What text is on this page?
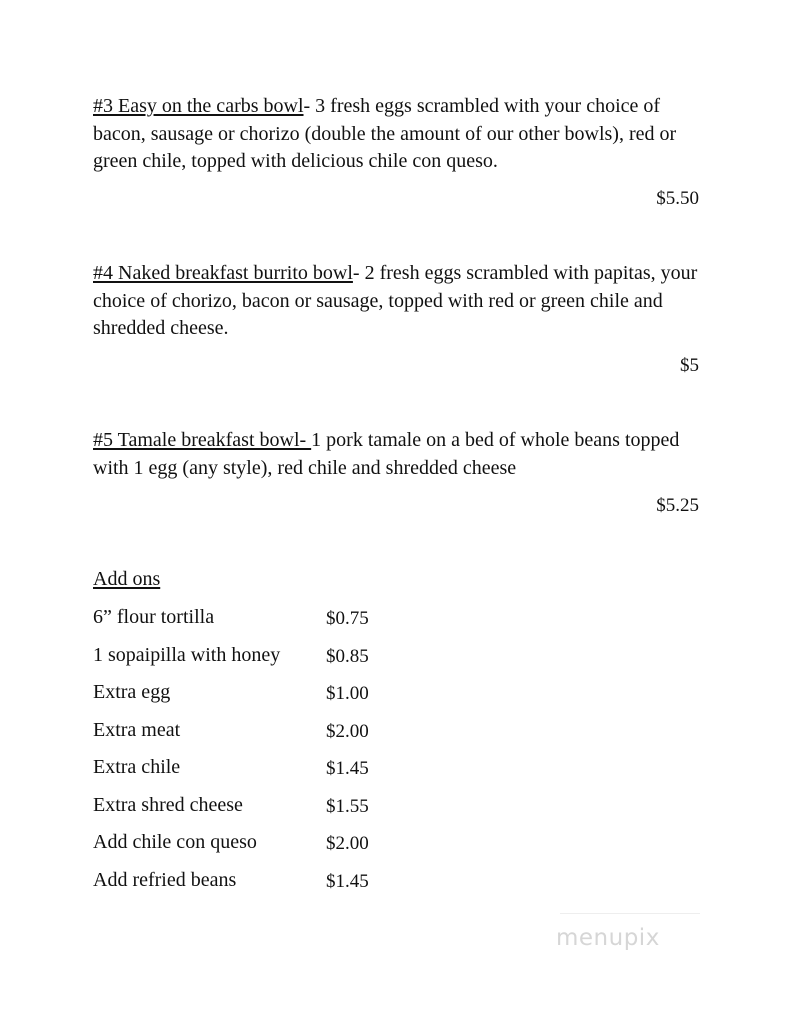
#3 Easy on the carbs bowl- 3 fresh eggs scrambled with your choice of bacon, sausage or chorizo (double the amount of our other bowls), red or green chile, topped with delicious chile con queso.
$5.50
#4 Naked breakfast burrito bowl- 2 fresh eggs scrambled with papitas, your choice of chorizo, bacon or sausage, topped with red or green chile and shredded cheese.
$5
#5 Tamale breakfast bowl- 1 pork tamale on a bed of whole beans topped with 1 egg (any style), red chile and shredded cheese
$5.25
Add ons
6” flour tortilla	$0.75
1 sopaipilla with honey $0.85
Extra egg	$1.00
Extra meat	$2.00
Extra chile	$1.45
Extra shred cheese	$1.55
Add chile con queso	$2.00
Add refried beans	$1.45
menupix
